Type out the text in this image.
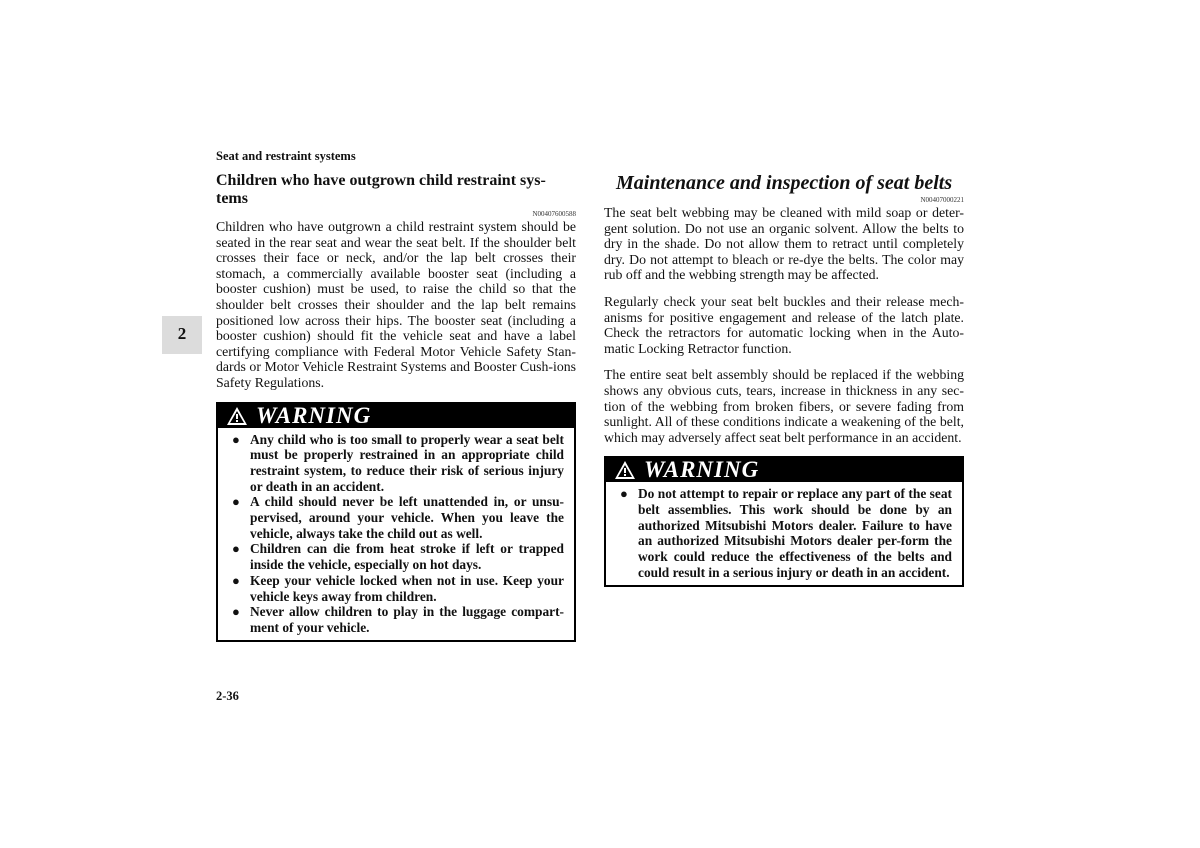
Seat and restraint systems
2
Children who have outgrown child restraint sys-tems
N00407600588

Children who have outgrown a child restraint system should be seated in the rear seat and wear the seat belt. If the shoulder belt crosses their face or neck, and/or the lap belt crosses their stomach, a commercially available booster seat (including a booster cushion) must be used, to raise the child so that the shoulder belt crosses their shoulder and the lap belt remains positioned low across their hips. The booster seat (including a booster cushion) should fit the vehicle seat and have a label certifying compliance with Federal Motor Vehicle Safety Stan-dards or Motor Vehicle Restraint Systems and Booster Cush-ions Safety Regulations.

WARNING
● Any child who is too small to properly wear a seat belt must be properly restrained in an appropriate child restraint system, to reduce their risk of serious injury or death in an accident.
● A child should never be left unattended in, or unsu-pervised, around your vehicle. When you leave the vehicle, always take the child out as well.
● Children can die from heat stroke if left or trapped inside the vehicle, especially on hot days.
● Keep your vehicle locked when not in use. Keep your vehicle keys away from children.
● Never allow children to play in the luggage compart-ment of your vehicle.
Maintenance and inspection of seat belts
N00407000221

The seat belt webbing may be cleaned with mild soap or deter-gent solution. Do not use an organic solvent. Allow the belts to dry in the shade. Do not allow them to retract until completely dry. Do not attempt to bleach or re-dye the belts. The color may rub off and the webbing strength may be affected.

Regularly check your seat belt buckles and their release mech-anisms for positive engagement and release of the latch plate. Check the retractors for automatic locking when in the Auto-matic Locking Retractor function.

The entire seat belt assembly should be replaced if the webbing shows any obvious cuts, tears, increase in thickness in any sec-tion of the webbing from broken fibers, or severe fading from sunlight. All of these conditions indicate a weakening of the belt, which may adversely affect seat belt performance in an accident.

WARNING
● Do not attempt to repair or replace any part of the seat belt assemblies. This work should be done by an authorized Mitsubishi Motors dealer. Failure to have an authorized Mitsubishi Motors dealer per-form the work could reduce the effectiveness of the belts and could result in a serious injury or death in an accident.
2-36
